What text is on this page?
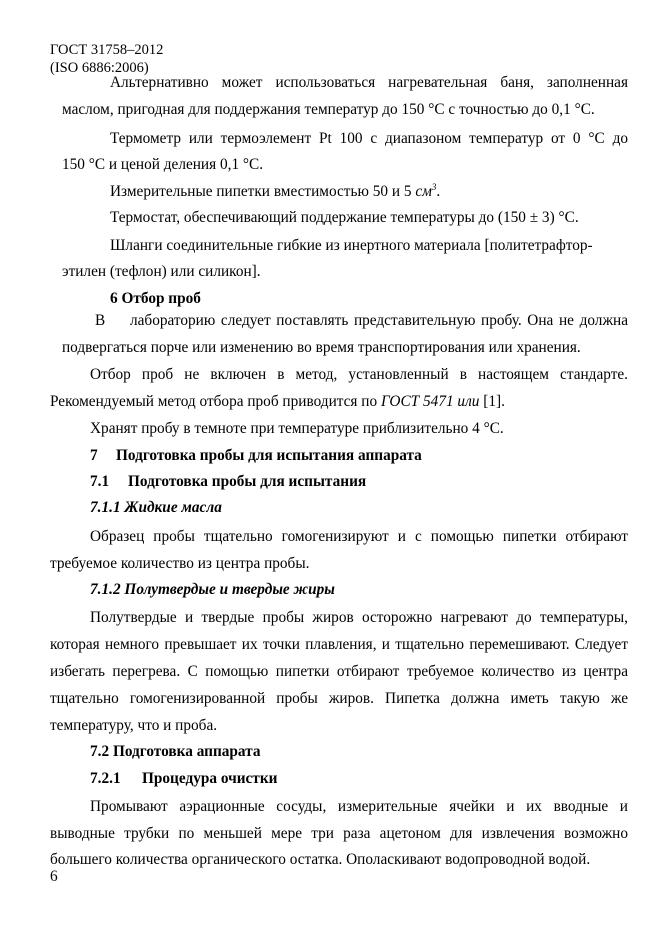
ГОСТ 31758–2012
(ISO 6886:2006)
Альтернативно может использоваться нагревательная баня, заполненная
маслом, пригодная для поддержания температур до 150 °С с точностью до 0,1 °С.
Термометр или термоэлемент Pt 100 с диапазоном температур от 0 °С до
150 °С и ценой деления 0,1 °С.
Измерительные пипетки вместимостью 50 и 5 $см^3$.
Термостат, обеспечивающий поддержание температуры до (150 ± 3) °С.
Шланги соединительные гибкие из инертного материала [политетрафтор-
этилен (тефлон) или силикон].
6 Отбор проб
В лабораторию следует поставлять представительную пробу. Она не должна
подвергаться порче или изменению во время транспортирования или хранения.
Отбор проб не включен в метод, установленный в настоящем стандарте.
Рекомендуемый метод отбора проб приводится по ГОСТ 5471 или [1].
Хранят пробу в темноте при температуре приблизительно 4 °С.
7 Подготовка пробы для испытания аппарата
7.1 Подготовка пробы для испытания
7.1.1 Жидкие масла
Образец пробы тщательно гомогенизируют и с помощью пипетки отбирают
требуемое количество из центра пробы.
7.1.2 Полутвердые и твердые жиры
Полутвердые и твердые пробы жиров осторожно нагревают до температуры,
которая немного превышает их точки плавления, и тщательно перемешивают. Следует
избегать перегрева. С помощью пипетки отбирают требуемое количество из центра
тщательно гомогенизированной пробы жиров. Пипетка должна иметь такую же
температуру, что и проба.
7.2 Подготовка аппарата
7.2.1 Процедура очистки
Промывают аэрационные сосуды, измерительные ячейки и их вводные и
выводные трубки по меньшей мере три раза ацетоном для извлечения возможно
большего количества органического остатка. Ополаскивают водопроводной водой.
6
